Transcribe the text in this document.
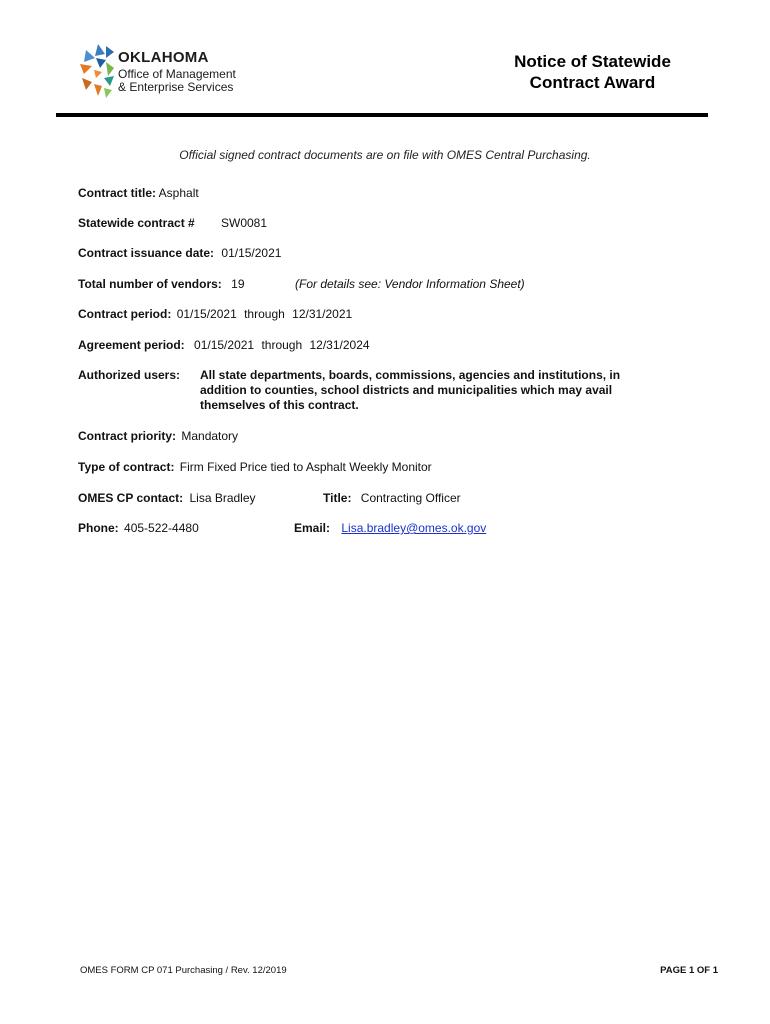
OKLAHOMA
Office of Management
& Enterprise Services
Notice of Statewide
Contract Award
Official signed contract documents are on file with OMES Central Purchasing.
Contract title: Asphalt
Statewide contract # SW0081
Contract issuance date: 01/15/2021
Total number of vendors: 19	(For details see: Vendor Information Sheet)
Contract period: 01/15/2021 through 12/31/2021
Agreement period: 01/15/2021 through 12/31/2024
Authorized users: All state departments, boards, commissions, agencies and institutions, in addition to counties, school districts and municipalities which may avail themselves of this contract.
Contract priority: Mandatory
Type of contract: Firm Fixed Price tied to Asphalt Weekly Monitor
OMES CP contact: Lisa Bradley	Title: Contracting Officer
Phone: 405-522-4480	Email: Lisa.bradley@omes.ok.gov
OMES FORM CP 071 Purchasing / Rev. 12/2019	PAGE 1 OF 1
